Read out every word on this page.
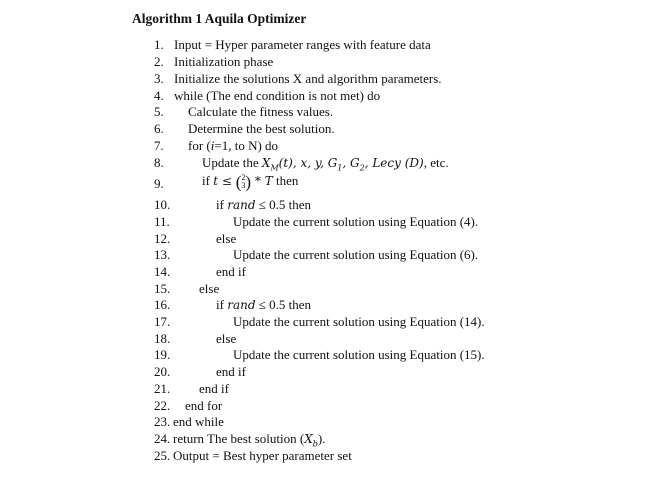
Algorithm 1 Aquila Optimizer
1. Input = Hyper parameter ranges with feature data
2. Initialization phase
3. Initialize the solutions X and algorithm parameters.
4. while (The end condition is not met) do
5. Calculate the fitness values.
6. Determine the best solution.
7. for (i=1, to N) do
8.	Update the $X_M(t)$, x, y, $G_1$, $G_2$, Lecy (D), etc.
9.	if t ≤ (2
3) * T then
10.	if rand ≤ 0.5 then
11.	Update the current solution using Equation (4).
12.	else
13.	Update the current solution using Equation (6).
14.	end if
15. else
16.	if rand ≤ 0.5 then
17.	Update the current solution using Equation (14).
18.	else
19.	Update the current solution using Equation (15).
20.	end if
21. end if
22. end for
23. end while
24. return The best solution $(X_b)$.
25. Output = Best hyper parameter set
